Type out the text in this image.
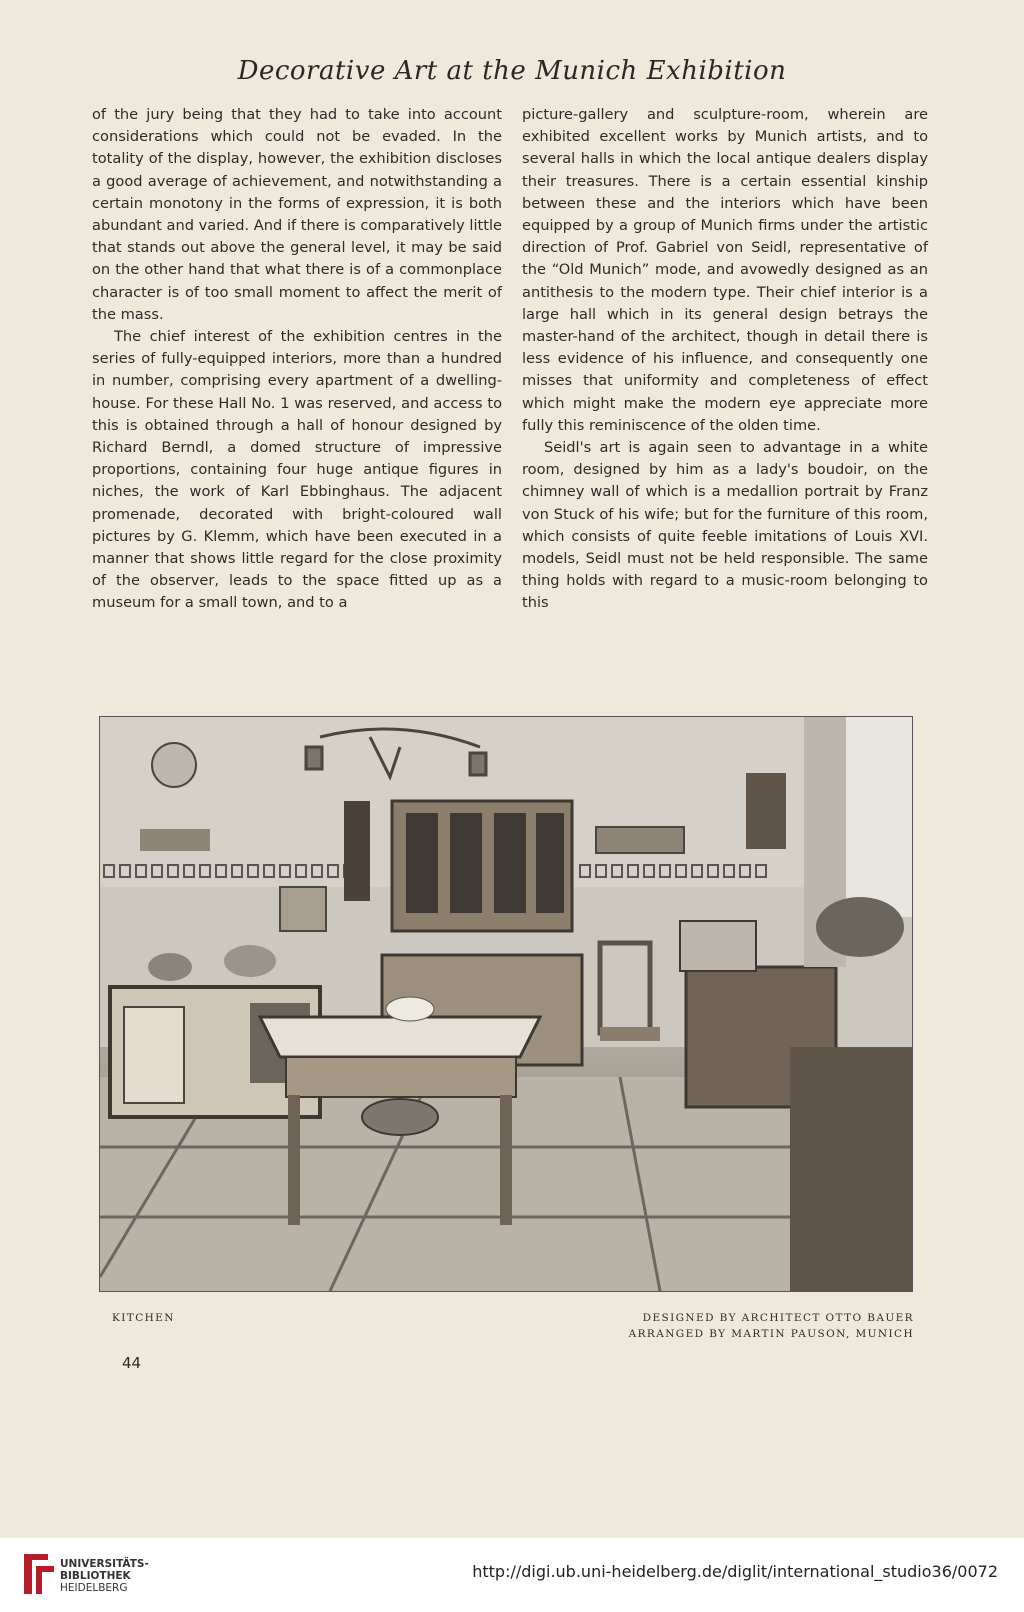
Decorative Art at the Munich Exhibition

of the jury being that they had to take into account considerations which could not be evaded. In the totality of the display, however, the exhibition discloses a good average of achievement, and notwithstanding a certain monotony in the forms of expression, it is both abundant and varied. And if there is comparatively little that stands out above the general level, it may be said on the other hand that what there is of a commonplace character is of too small moment to affect the merit of the mass.

The chief interest of the exhibition centres in the series of fully-equipped interiors, more than a hundred in number, comprising every apartment of a dwelling-house. For these Hall No. 1 was reserved, and access to this is obtained through a hall of honour designed by Richard Berndl, a domed structure of impressive proportions, containing four huge antique figures in niches, the work of Karl Ebbinghaus. The adjacent promenade, decorated with bright-coloured wall pictures by G. Klemm, which have been executed in a manner that shows little regard for the close proximity of the observer, leads to the space fitted up as a museum for a small town, and to a

picture-gallery and sculpture-room, wherein are exhibited excellent works by Munich artists, and to several halls in which the local antique dealers display their treasures. There is a certain essential kinship between these and the interiors which have been equipped by a group of Munich firms under the artistic direction of Prof. Gabriel von Seidl, representative of the “Old Munich” mode, and avowedly designed as an antithesis to the modern type. Their chief interior is a large hall which in its general design betrays the master-hand of the architect, though in detail there is less evidence of his influence, and consequently one misses that uniformity and completeness of effect which might make the modern eye appreciate more fully this reminiscence of the olden time.

Seidl's art is again seen to advantage in a white room, designed by him as a lady's boudoir, on the chimney wall of which is a medallion portrait by Franz von Stuck of his wife; but for the furniture of this room, which consists of quite feeble imitations of Louis XVI. models, Seidl must not be held responsible. The same thing holds with regard to a music-room belonging to this

KITCHEN	DESIGNED BY ARCHITECT OTTO BAUER
ARRANGED BY MARTIN PAUSON, MUNICH
44
UNIVERSITÄTS-
BIBLIOTHEK
HEIDELBERG
http://digi.ub.uni-heidelberg.de/diglit/international_studio36/0072
